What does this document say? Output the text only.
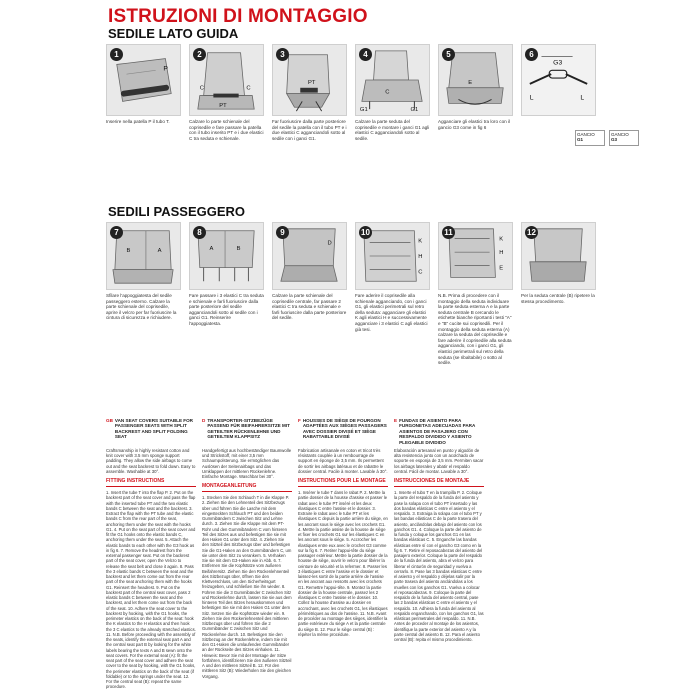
ISTRUZIONI DI MONTAGGIO
SEDILE LATO GUIDA
1
P
Inserire nella patella P il tubo T.
2
C
PT
C
Calzare lo parte schienale del coprisedile e fare passare la patella con il tubo inserito PT e i due elastici C tra seduta e schienale.
3
PT
Far fuoriuscire dalla parte posteriore del sedile la patella con il tubo PT e i due elastici C agganciandoli sotto al sedile con i ganci G1.
4
C
G1	G1
Calzare la parte seduta del coprisedile e montare i ganci G1 agli elastici C agganciandoli sotto al sedile.
5
E
Agganciare gli elastici tra loro con il gancio G3 come in fig 6
6
G3
L	L
GANCIO
G1
GANCIO
G3
SEDILI PASSEGGERO
7
B	A
Sfilare l'appoggiatesta del sedile passeggero esterno. Calzare la parte schienale del coprisedile, aprire il velcro per far fuoriuscire la cintura di sicurezza e richiudere.
8
A	B
Fare passare i 3 elastici C tra seduta e schienale e farli fuoriuscire dalla parte posteriore del sedile agganciandoli sotto al sedile con i ganci G1. Reinserire l'appoggiatesta.
9
D
Calzare la parte schienale del coprisedile centrale, far passare 2 elastici C tra seduta e schienale e farli fuoriuscire dalla parte posteriore del sedile.
10
K
H
C
Fare aderire il coprisedile alla schienale agganciando, con i ganci G1, gli elastici perimetrali sul retro della seduta: agganciare gli elastici K agli elastici H e successivamente agganciare i 3 elastici C agli elastici già tesi.
11
K
H
E
N.B. Prima di procedere con il montaggio della seduta individuare la parte seduta esterna A e la parte seduta centrale B cercando le etichette bianche riportanti i testi "A" e "B" cucite sui coprisedili. Per il montaggio della seduta esterna (A) calzare la seduta del coprisedile e fare aderire il coprisedile alla seduta agganciando, con i ganci G1, gli elastici perimetrali sul retro della seduta (se ribaltabile) o sotto al sedile.
12
Per la seduta centrale (B) ripetere la stessa procedimento.
GB VAN SEAT COVERS SUITABLE FOR PASSENGER SEATS WITH SPLIT BACKREST AND SPLIT FOLDING SEAT
Craftsmanship in highly resistant cotton and knit cover with 3.5 mm sponge support padding. They allow the side airbags to come out and the seat backrest to fold down. Easy to assemble. Washable at 30°.
FITTING INSTRUCTIONS
1. Insert the tube T into the flap P. 2. Put on the backrest part of the seat cover and pass the flap with the inserted tube PT and the two elastic bands C between the seat and the backrest. 3. Extract the flap with the PT tube and the elastic bands C from the rear part of the seat, anchoring them under the seat with the hooks G1. 4. Put on the seat part of the seat cover and fit the G1 hooks onto the elastic bands C, anchoring them under the seat. 5. Attach the elastic bands to each other with the G3 hook as in fig 6. 7. Remove the headrest from the external passenger seat. Put on the backrest part of the seat cover, open the Velcro to release the seat belt and close it again. 8. Pass the 3 elastic bands C between the seat and the backrest and let them come out from the rear part of the seat anchoring them with the hooks G1. Reinsert the headrest. 9. Put on the backrest part of the central seat cover, pass 2 elastic bands C between the seat and the backrest, and let them come out from the back of the seat. 10. Adhere the seat cover to the backrest by hooking, with the G1 hooks, the perimeter elastics on the back of the seat: hook the K elastics to the H elastics and then hook the 3 C elastics to the already stretched elastics. 11. N.B. Before proceeding with the assembly of the seats, identify the external seat part A and the central seat part B by looking for the white labels bearing the texts A and B sewn onto the seat covers. For the external seat (A): fit the seat part of the seat cover and adhere the seat cover to the seat by hooking, with the G1 hooks, the perimeter elastics on the back of the seat (if foldable) or to the springs under the seat. 12. For the central seat (B): repeat the same procedure.
D TRANSPORTER-SITZBEZÜGE PASSEND FÜR BEIFAHRERSITZE MIT GETEILTER RÜCKENLEHNE UND GETEILTEM KLAPPSITZ
Handgefertigt aus hochbeständiger Baumwolle und Strickstoff, mit einer 3,5 mm Schaumpolsterung. Sie ermöglichen das Auslösen der Seitenairbags und das Umklappen der mittleren Rückenlehne. Einfache Montage. Waschbar bei 30°.
MONTAGEANLEITUNG
1. Stecken Sie den Schlauch T in die Klappe P. 2. Ziehen Sie den Lehnenteil des Sitzbezugs über und führen Sie die Lasche mit dem eingesteckten Schlauch PT und den beiden Gummibändern C zwischen Sitz und Lehne durch. 3. Ziehen Sie die Klappe mit dem PT-Rohr und den Gummibändern C vom hinteren Teil des Sitzes aus und befestigen Sie sie mit den Haken G1 unter dem Sitz. 4. Ziehen Sie den Sitzteil des Sitzbezugs über und befestigen Sie die G1-Haken an den Gummibändern C, um sie unter dem Sitz zu verankern. 5. Verhaken Sie sie mit dem G3-Haken wie in Abb. 6. 7. Entfernen Sie die Kopfstütze vom äußeren Beifahrersitz. Ziehen Sie den Rückenlehnenteil des Sitzbezugs über, öffnen Sie den Klettverschluss, um den Sicherheitsgurt freizugeben, und schließen Sie ihn wieder. 8. Führen Sie die 3 Gummibänder C zwischen Sitz und Rückenlehne durch, lassen Sie sie aus dem hinteren Teil des Sitzes herauskommen und befestigen Sie sie mit den Haken G1 unter dem Sitz. Setzen Sie die Kopfstütze wieder ein. 9. Ziehen Sie den Rückenlehnenteil des mittleren Sitzbezugs über und führen Sie die 2 Gummibänder C zwischen Sitz und Rückenlehne durch. 10. Befestigen Sie den Sitzbezug an der Rückenlehne, indem Sie mit den G1-Haken die umlaufenden Gummibänder an der Rückseite des Sitzes einhaken. 11. Hinweis: Bevor Sie mit der Montage der Sitze fortfahren, identifizieren Sie den äußeren Sitzteil A und den mittleren Sitzteil B. 12. Für den mittleren Sitz (B): Wiederholen Sie den gleichen Vorgang.
F HOUSSES DE SIÈGE DE FOURGON ADAPTÉES AUX SIÈGES PASSAGERS AVEC DOSSIER DIVISÉ ET SIÈGE RABATTABLE DIVISÉ
Fabrication artisanale en coton et tricot très résistants couplée à un rembourrage de support en éponge de 3,5 mm. Ils permettent de sortir les airbags latéraux et de rabattre le dossier central. Facile à monter. Lavable à 30°.
INSTRUCTIONS POUR LE MONTAGE
1. Insérer le tube T dans le rabat P. 2. Mettre la partie dossier de la housse d'assise et passer le rabat avec le tube PT inséré et les deux élastiques C entre l'assise et le dossier. 3. Extraire le rabat avec le tube PT et les élastiques C depuis la partie arrière du siège, en les ancrant sous le siège avec les crochets G1. 4. Mettre la partie assise de la housse de siège et fixer les crochets G1 sur les élastiques C en les ancrant sous le siège. 5. Accrocher les élastiques entre eux avec le crochet G3 comme sur la fig 6. 7. Retirer l'appui-tête du siège passager extérieur. Mettre la partie dossier de la housse de siège, ouvrir le velcro pour libérer la ceinture de sécurité et la refermer. 8. Passer les 3 élastiques C entre l'assise et le dossier et laissez-les sortir de la partie arrière de l'assise en les ancrant aux ressorts avec les crochets G1. Remettre l'appui-tête. 9. Montez la partie dossier de la housse centrale, passez les 2 élastiques C entre l'assise et le dossier. 10. Collez la housse d'assise au dossier en accrochant, avec les crochets G1, les élastiques périmétriques au dos de l'assise. 11. N.B. Avant de procéder au montage des sièges, identifier la partie extérieure du siège A et la partie centrale du siège B. 12. Pour le siège central (B) : répéter la même procédure.
E FUNDAS DE ASIENTO PARA FURGONETAS ADECUADAS PARA ASIENTOS DE PASAJERO CON RESPALDO DIVIDIDO Y ASIENTO PLEGABLE DIVIDIDO
Elaboración artesanal en punto y algodón de alta resistencia junto con un acolchado de soporte en esponja de 3,5 mm. Permiten sacar los airbags laterales y abatir el respaldo central. Fácil de montar. Lavable a 30°.
INSTRUCCIONES DE MONTAJE
1. Inserte el tubo T en la trampilla P. 2. Coloque la parte del respaldo de la funda del asiento y pase la solapa con el tubo PT insertado y las dos bandas elásticas C entre el asiento y el respaldo. 3. Extraiga la solapa con el tubo PT y las bandas elásticas C de la parte trasera del asiento, anclándolas debajo del asiento con los ganchos G1. 4. Coloque la parte del asiento de la funda y coloque los ganchos G1 en las bandas elásticas C. 5. Enganche las bandas elásticas entre sí con el gancho G3 como en la fig 6. 7. Retire el reposacabezas del asiento del pasajero exterior. Coloque la parte del respaldo de la funda del asiento, abra el velcro para liberar el cinturón de seguridad y vuelva a cerrarlo. 8. Pase las 3 bandas elásticas C entre el asiento y el respaldo y déjelas salir por la parte trasera del asiento anclándolas a los muelles con los ganchos G1. Vuelva a colocar el reposacabezas. 9. Coloque la parte del respaldo de la funda del asiento central, pase las 2 bandas elásticas C entre el asiento y el respaldo. 10. Adhiera la funda del asiento al respaldo enganchando, con los ganchos G1, las elásticas perimetrales del respaldo. 11. N.B. Antes de proceder al montaje de los asientos, identifique la parte exterior del asiento A y la parte central del asiento B. 12. Para el asiento central (B): repita el mismo procedimiento.
